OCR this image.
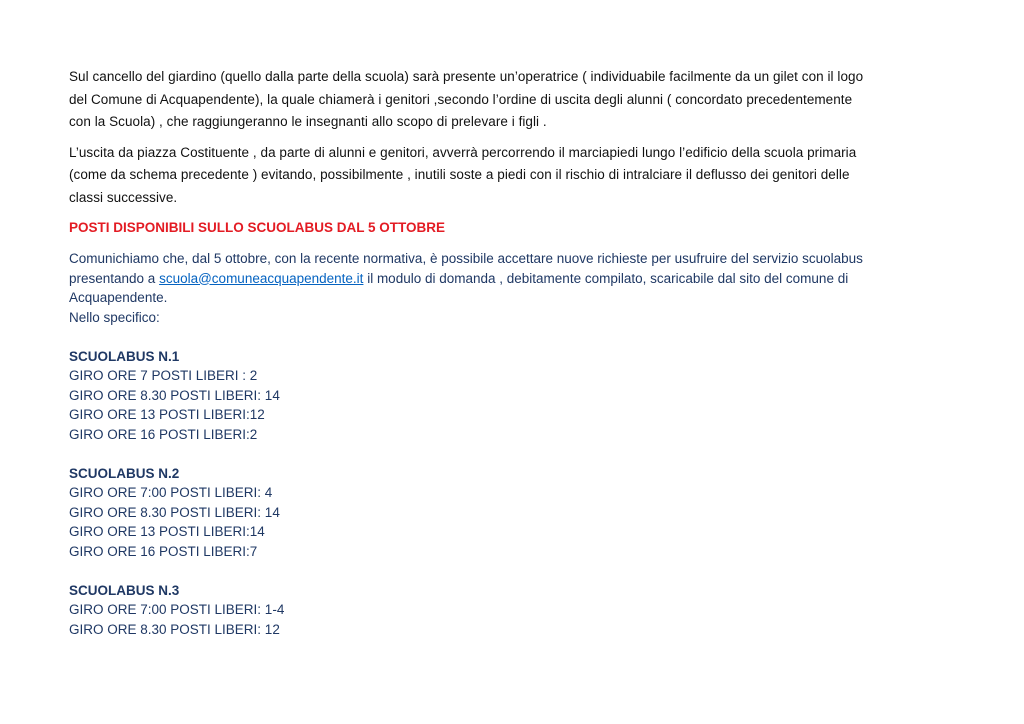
Sul cancello del giardino (quello dalla parte della scuola) sarà presente un’operatrice ( individuabile facilmente da un gilet con il logo
del Comune di Acquapendente), la quale chiamerà i genitori ,secondo l’ordine di uscita degli alunni ( concordato precedentemente
con la Scuola) , che raggiungeranno le insegnanti allo scopo di prelevare i figli .

L’uscita da piazza Costituente , da parte di alunni e genitori, avverrà percorrendo il marciapiedi lungo l’edificio della scuola primaria
(come da schema precedente ) evitando, possibilmente , inutili soste a piedi con il rischio di intralciare il deflusso dei genitori delle
classi successive.

POSTI DISPONIBILI SULLO SCUOLABUS DAL 5 OTTOBRE
Comunichiamo che, dal 5 ottobre, con la recente normativa, è possibile accettare nuove richieste per usufruire del servizio scuolabus
presentando a scuola@comuneacquapendente.it il modulo di domanda , debitamente compilato, scaricabile dal sito del comune di
Acquapendente.
Nello specifico:
SCUOLABUS N.1
GIRO ORE 7 POSTI LIBERI : 2
GIRO ORE 8.30 POSTI LIBERI: 14
GIRO ORE 13 POSTI LIBERI:12
GIRO ORE 16 POSTI LIBERI:2
SCUOLABUS N.2
GIRO ORE 7:00 POSTI LIBERI: 4
GIRO ORE 8.30 POSTI LIBERI: 14
GIRO ORE 13 POSTI LIBERI:14
GIRO ORE 16 POSTI LIBERI:7
SCUOLABUS N.3
GIRO ORE 7:00 POSTI LIBERI: 1-4
GIRO ORE 8.30 POSTI LIBERI: 12
